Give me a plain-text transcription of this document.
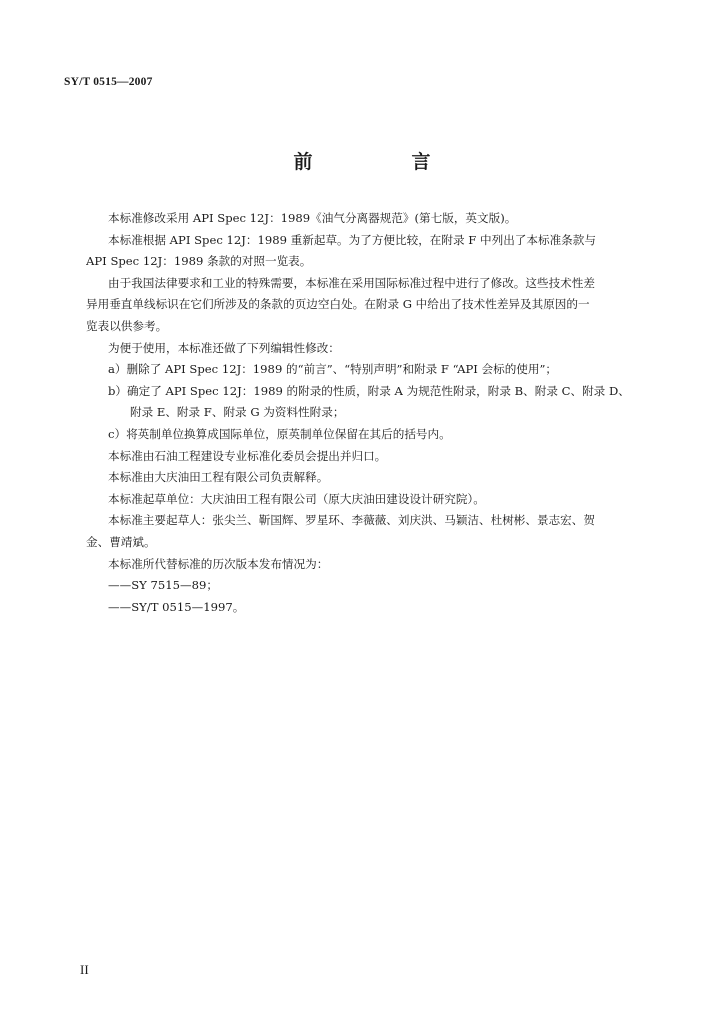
SY/T 0515—2007
前　言
本标准修改采用 API Spec 12J：1989《油气分离器规范》(第七版，英文版)。
本标准根据 API Spec 12J：1989 重新起草。为了方便比较，在附录 F 中列出了本标准条款与
API Spec 12J：1989 条款的对照一览表。
由于我国法律要求和工业的特殊需要，本标准在采用国际标准过程中进行了修改。这些技术性差
异用垂直单线标识在它们所涉及的条款的页边空白处。在附录 G 中给出了技术性差异及其原因的一
览表以供参考。
为便于使用，本标准还做了下列编辑性修改：
a）删除了 API Spec 12J：1989 的“前言”、“特别声明”和附录 F “API 会标的使用”；
b）确定了 API Spec 12J：1989 的附录的性质，附录 A 为规范性附录，附录 B、附录 C、附录 D、
附录 E、附录 F、附录 G 为资料性附录；
c）将英制单位换算成国际单位，原英制单位保留在其后的括号内。
本标准由石油工程建设专业标准化委员会提出并归口。
本标准由大庆油田工程有限公司负责解释。
本标准起草单位：大庆油田工程有限公司（原大庆油田建设设计研究院）。
本标准主要起草人：张尖兰、靳国辉、罗星环、李薇薇、刘庆洪、马颖洁、杜树彬、景志宏、贺
金、曹靖斌。
本标准所代替标准的历次版本发布情况为：
——SY 7515—89；
——SY/T 0515—1997。
II
